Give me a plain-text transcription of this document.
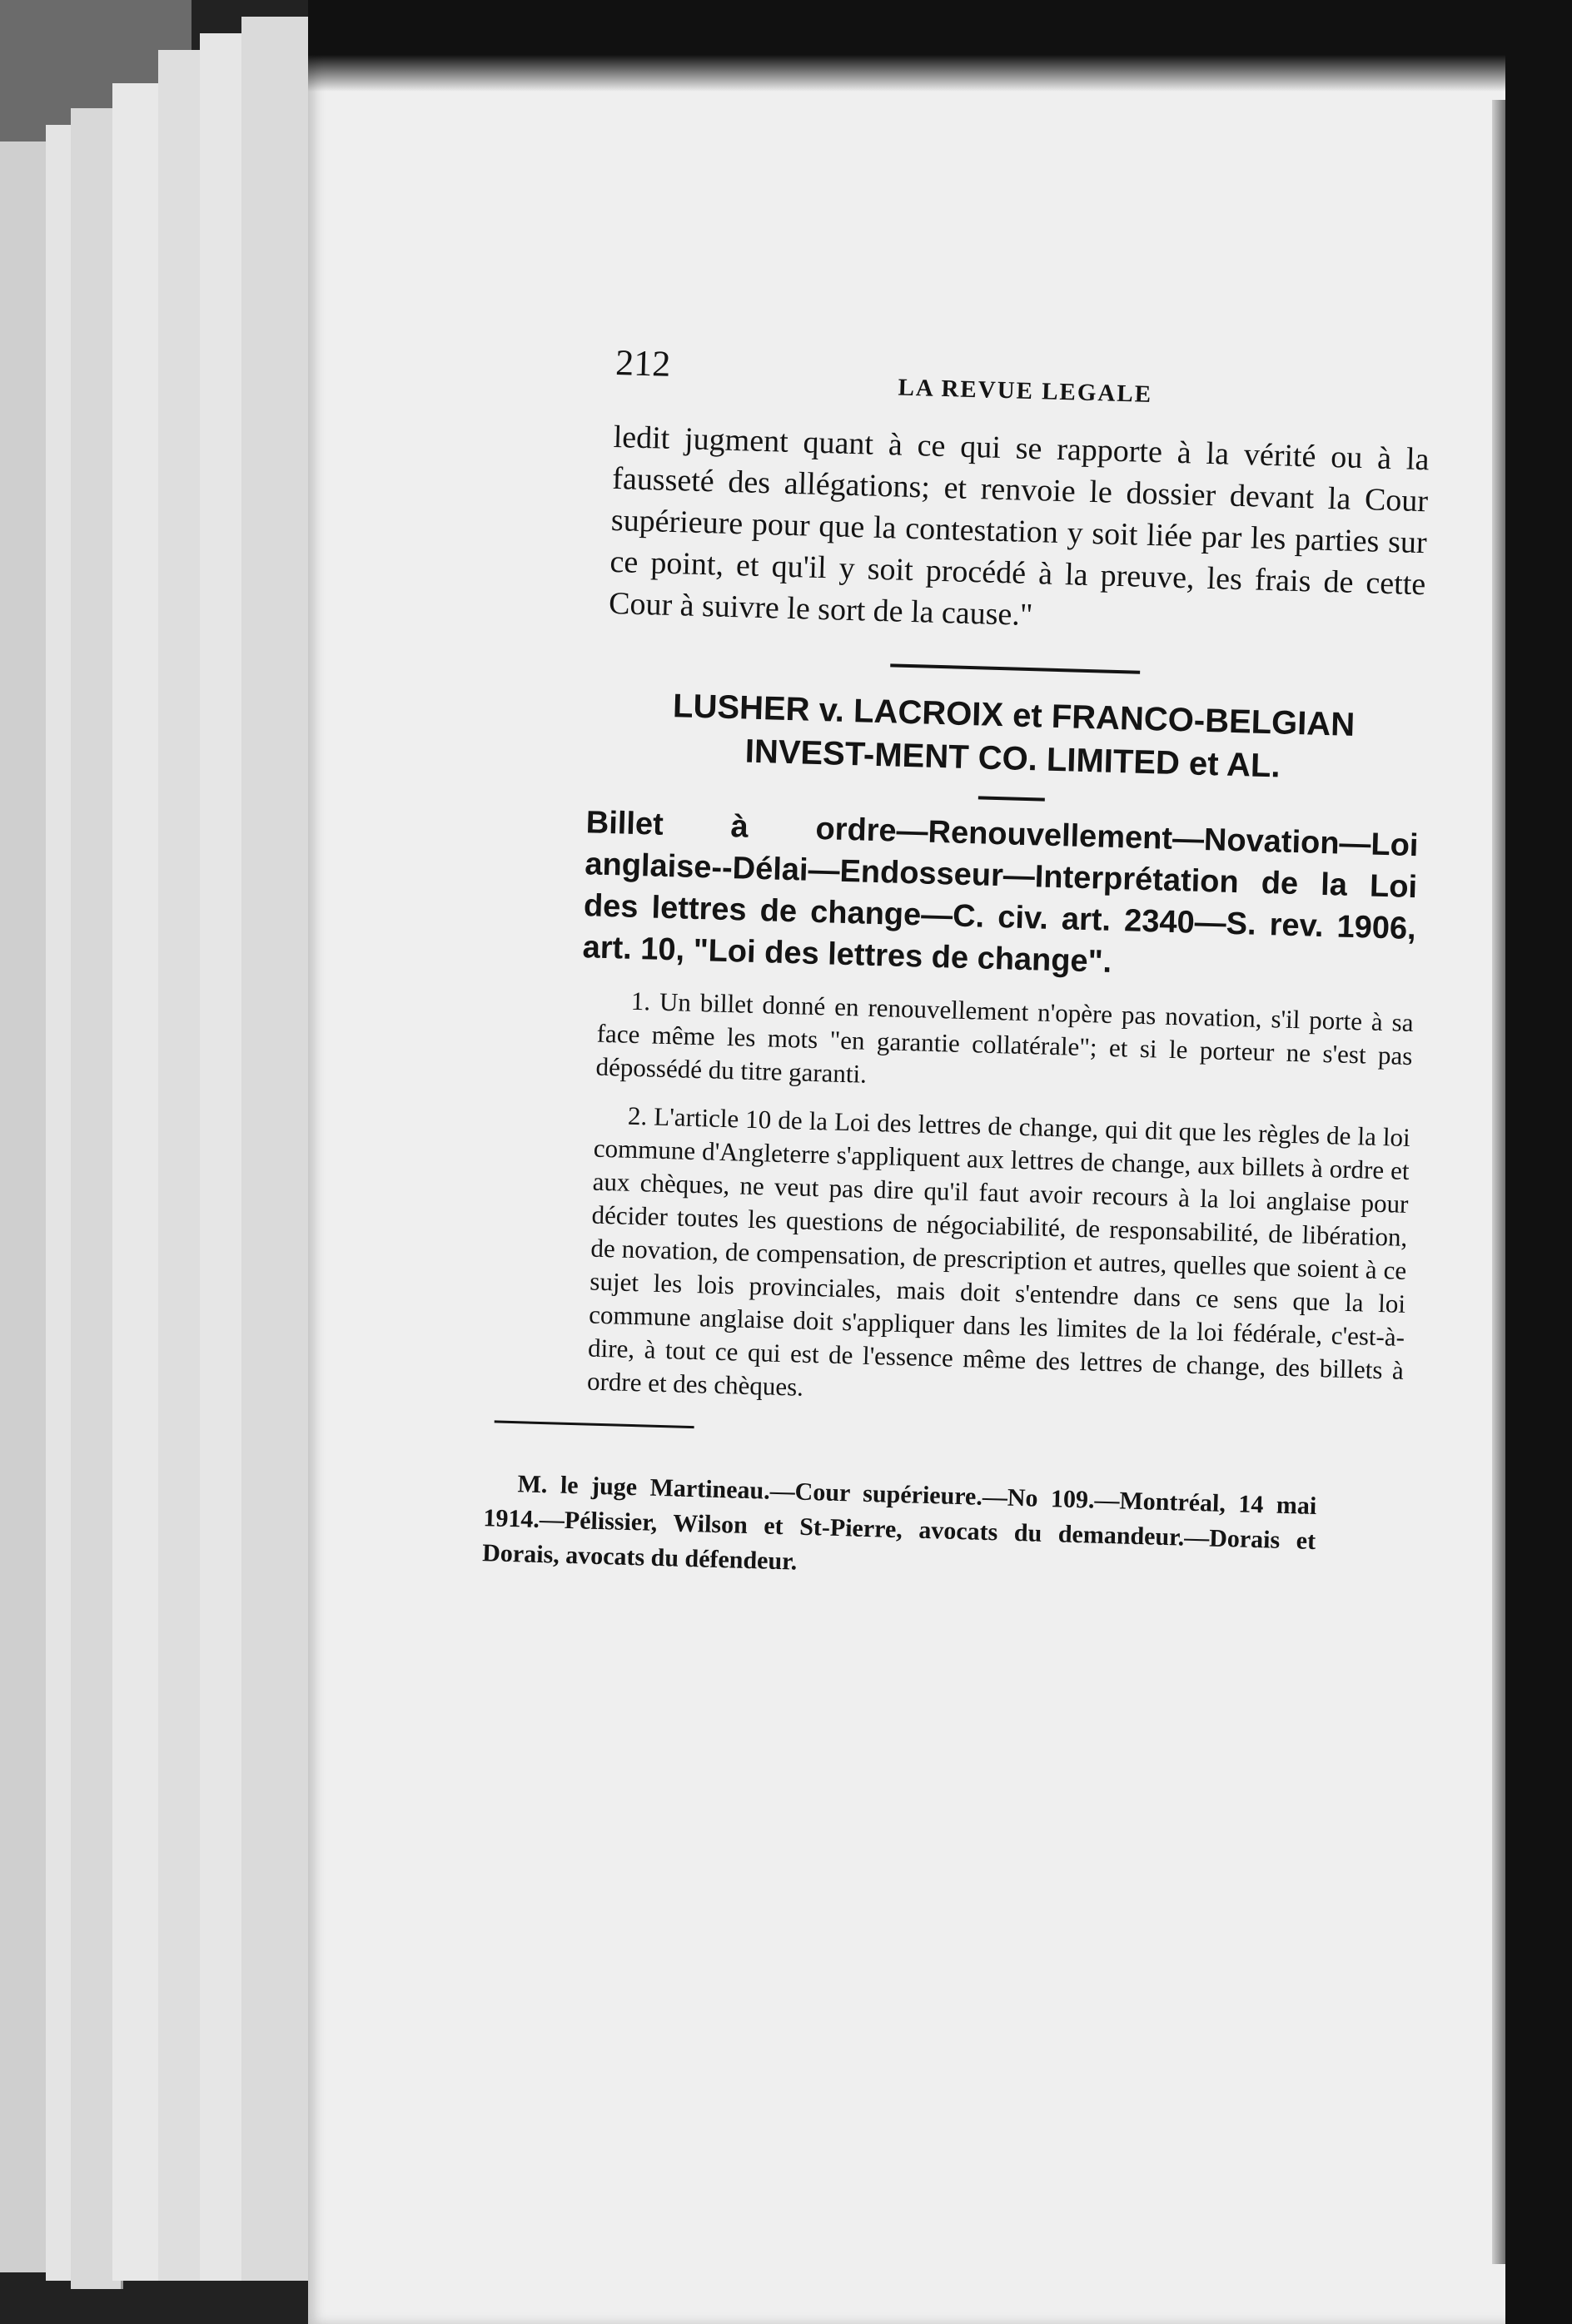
212
LA REVUE LEGALE

ledit jugment quant à ce qui se rapporte à la vérité ou à la fausseté des allégations; et renvoie le dossier devant la Cour supérieure pour que la contestation y soit liée par les parties sur ce point, et qu'il y soit procédé à la preuve, les frais de cette Cour à suivre le sort de la cause."

LUSHER v. LACROIX et FRANCO-BELGIAN INVEST-MENT CO. LIMITED et AL.

Billet à ordre—Renouvellement—Novation—Loi anglaise--Délai—Endosseur—Interprétation de la Loi des lettres de change—C. civ. art. 2340—S. rev. 1906, art. 10, "Loi des lettres de change".

1. Un billet donné en renouvellement n'opère pas novation, s'il porte à sa face même les mots "en garantie collatérale"; et si le porteur ne s'est pas dépossédé du titre garanti.

2. L'article 10 de la Loi des lettres de change, qui dit que les règles de la loi commune d'Angleterre s'appliquent aux lettres de change, aux billets à ordre et aux chèques, ne veut pas dire qu'il faut avoir recours à la loi anglaise pour décider toutes les questions de négociabilité, de responsabilité, de libération, de novation, de compensation, de prescription et autres, quelles que soient à ce sujet les lois provinciales, mais doit s'entendre dans ce sens que la loi commune anglaise doit s'appliquer dans les limites de la loi fédérale, c'est-à-dire, à tout ce qui est de l'essence même des lettres de change, des billets à ordre et des chèques.

M. le juge Martineau.—Cour supérieure.—No 109.—Montréal, 14 mai 1914.—Pélissier, Wilson et St-Pierre, avocats du demandeur.—Dorais et Dorais, avocats du défendeur.
